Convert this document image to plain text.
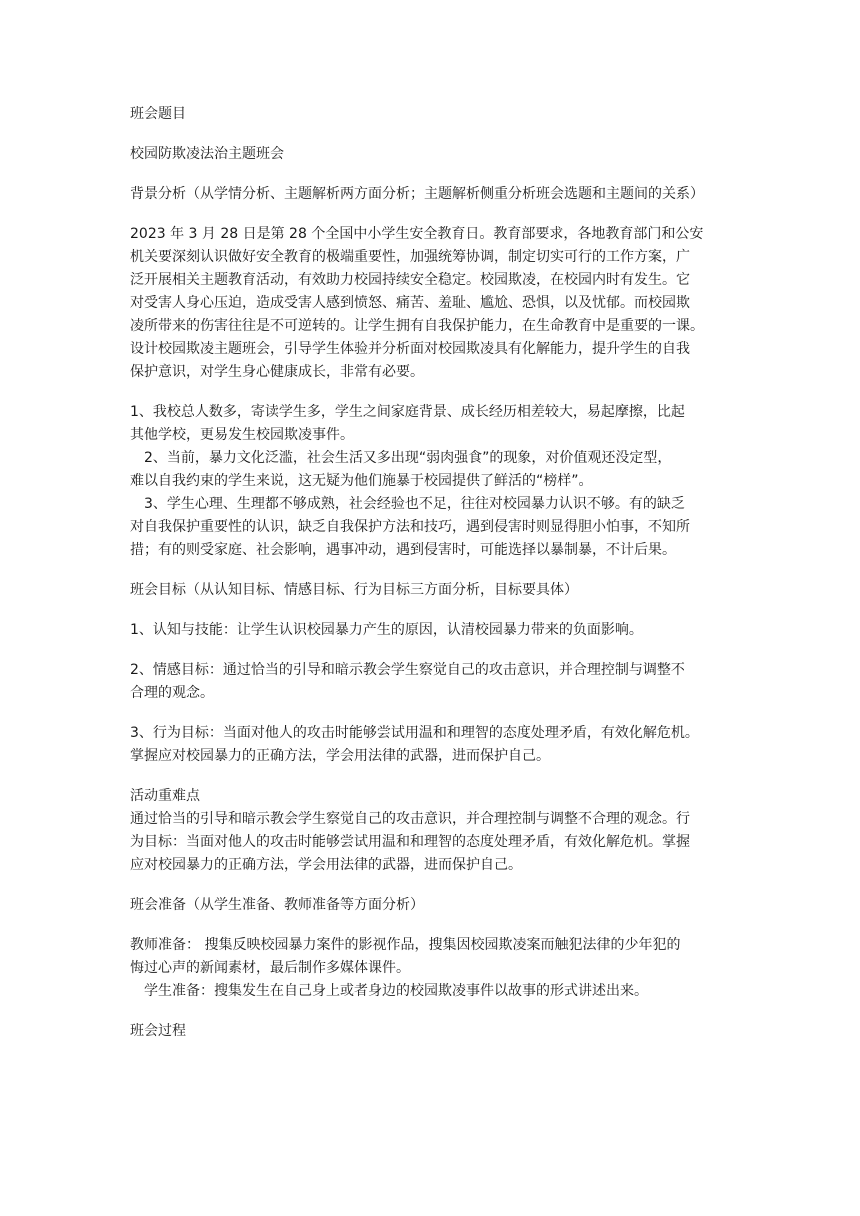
班会题目
校园防欺凌法治主题班会
背景分析（从学情分析、主题解析两方面分析；主题解析侧重分析班会选题和主题间的关系）
2023 年 3 月 28 日是第 28 个全国中小学生安全教育日。教育部要求，各地教育部门和公安
机关要深刻认识做好安全教育的极端重要性，加强统筹协调，制定切实可行的工作方案，广
泛开展相关主题教育活动，有效助力校园持续安全稳定。校园欺凌，在校园内时有发生。它
对受害人身心压迫，造成受害人感到愤怒、痛苦、羞耻、尴尬、恐惧，以及忧郁。而校园欺
凌所带来的伤害往往是不可逆转的。让学生拥有自我保护能力，在生命教育中是重要的一课。
设计校园欺凌主题班会，引导学生体验并分析面对校园欺凌具有化解能力，提升学生的自我
保护意识，对学生身心健康成长，非常有必要。
1、我校总人数多，寄读学生多，学生之间家庭背景、成长经历相差较大，易起摩擦，比起
其他学校，更易发生校园欺凌事件。
2、当前，暴力文化泛滥，社会生活又多出现“弱肉强食”的现象，对价值观还没定型，
难以自我约束的学生来说，这无疑为他们施暴于校园提供了鲜活的“榜样”。
3、学生心理、生理都不够成熟，社会经验也不足，往往对校园暴力认识不够。有的缺乏
对自我保护重要性的认识，缺乏自我保护方法和技巧，遇到侵害时则显得胆小怕事，不知所
措；有的则受家庭、社会影响，遇事冲动，遇到侵害时，可能选择以暴制暴，不计后果。
班会目标（从认知目标、情感目标、行为目标三方面分析，目标要具体）
1、认知与技能：让学生认识校园暴力产生的原因，认清校园暴力带来的负面影响。
2、情感目标：通过恰当的引导和暗示教会学生察觉自己的攻击意识，并合理控制与调整不
合理的观念。
3、行为目标：当面对他人的攻击时能够尝试用温和和理智的态度处理矛盾，有效化解危机。
掌握应对校园暴力的正确方法，学会用法律的武器，进而保护自己。
活动重难点
通过恰当的引导和暗示教会学生察觉自己的攻击意识，并合理控制与调整不合理的观念。行
为目标：当面对他人的攻击时能够尝试用温和和理智的态度处理矛盾，有效化解危机。掌握
应对校园暴力的正确方法，学会用法律的武器，进而保护自己。
班会准备（从学生准备、教师准备等方面分析）
教师准备： 搜集反映校园暴力案件的影视作品，搜集因校园欺凌案而触犯法律的少年犯的
悔过心声的新闻素材，最后制作多媒体课件。
学生准备：搜集发生在自己身上或者身边的校园欺凌事件以故事的形式讲述出来。
班会过程
